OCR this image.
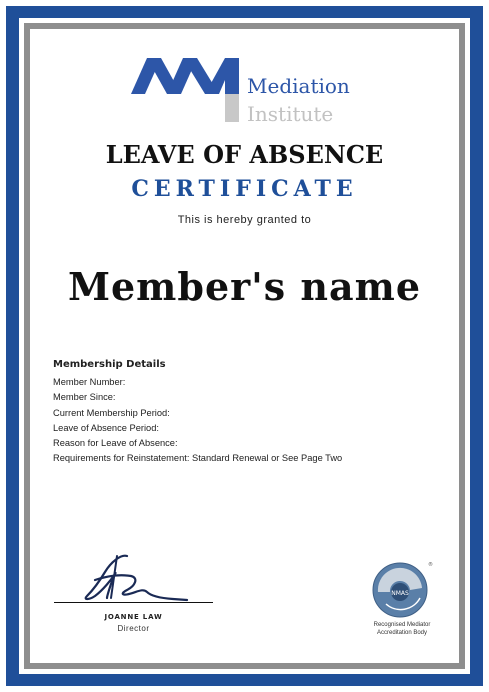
Mediation
Institute
LEAVE OF ABSENCE
CERTIFICATE
This is hereby granted to
Member's name
Membership Details
Member Number:
Member Since:
Current Membership Period:
Leave of Absence Period:
Reason for Leave of Absence:
Requirements for Reinstatement: Standard Renewal or See Page Two
JOANNE LAW
Director
NMAS
®
Recognised Mediator
Accreditation Body
